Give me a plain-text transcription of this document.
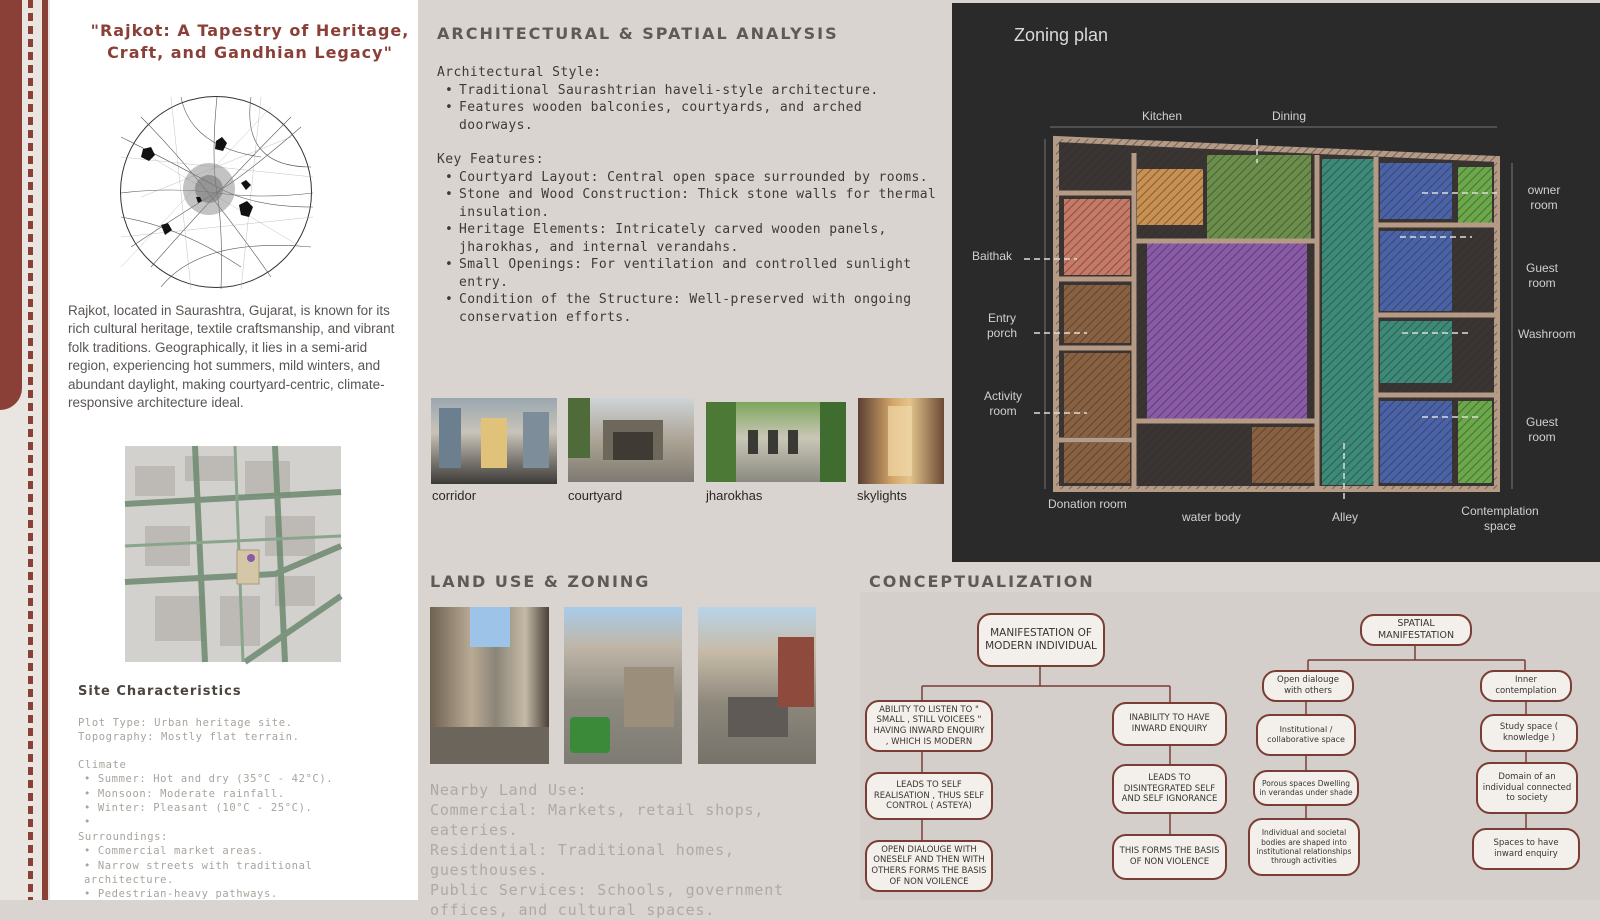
"Rajkot: A Tapestry of Heritage, Craft, and Gandhian Legacy"
Rajkot, located in Saurashtra, Gujarat, is known for its rich cultural heritage, textile craftsmanship, and vibrant folk traditions. Geographically, it lies in a semi-arid region, experiencing hot summers, mild winters, and abundant daylight, making courtyard-centric, climate-responsive architecture ideal.
Site Characteristics
Plot Type: Urban heritage site.
Topography: Mostly flat terrain.
Climate
• Summer: Hot and dry (35°C - 42°C).
• Monsoon: Moderate rainfall.
• Winter: Pleasant (10°C - 25°C).
•
Surroundings:
• Commercial market areas.
• Narrow streets with traditional architecture.
• Pedestrian-heavy pathways.
ARCHITECTURAL & SPATIAL ANALYSIS
Architectural Style:
• Traditional Saurashtrian haveli-style architecture.
• Features wooden balconies, courtyards, and arched doorways.
Key Features:
• Courtyard Layout: Central open space surrounded by rooms.
• Stone and Wood Construction: Thick stone walls for thermal insulation.
• Heritage Elements: Intricately carved wooden panels, jharokhas, and internal verandahs.
• Small Openings: For ventilation and controlled sunlight entry.
• Condition of the Structure: Well-preserved with ongoing conservation efforts.
corridor	courtyard	jharokhas	skylights
Zoning plan
Kitchen	Dining
Baithak
Entry porch
Activity room
Donation room
water body	Alley	Contemplation space
owner room
Guest room
Washroom
Guest room
LAND USE & ZONING
Nearby Land Use:
Commercial: Markets, retail shops, eateries.
Residential: Traditional homes, guesthouses.
Public Services: Schools, government offices, and cultural spaces.
CONCEPTUALIZATION
MANIFESTATION OF MODERN INDIVIDUAL
ABILITY TO LISTEN TO " SMALL , STILL VOICEES " HAVING INWARD ENQUIRY , WHICH IS MODERN
LEADS TO SELF REALISATION , THUS SELF CONTROL ( ASTEYA)
OPEN DIALOUGE WITH ONESELF AND THEN WITH OTHERS FORMS THE BASIS OF NON VOILENCE
INABILITY TO HAVE INWARD ENQUIRY
LEADS TO DISINTEGRATED SELF AND SELF IGNORANCE
THIS FORMS THE BASIS OF NON VIOLENCE
SPATIAL MANIFESTATION
Open dialouge with others
Institutional / collaborative space
Porous spaces Dwelling in verandas under shade
Individual and societal bodies are shaped into institutional relationships through activities
Inner contemplation
Study space ( knowledge )
Domain of an individual connected to society
Spaces to have inward enquiry
